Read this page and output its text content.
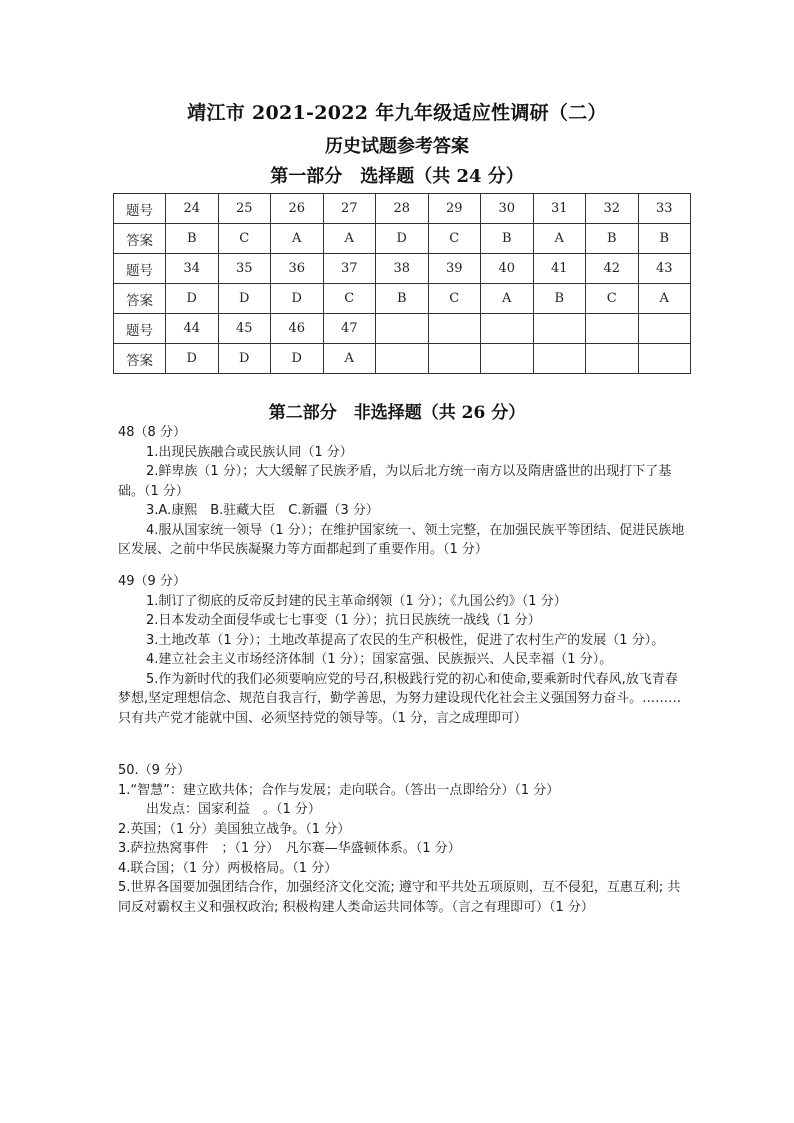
靖江市 2021-2022 年九年级适应性调研（二）
历史试题参考答案
第一部分　选择题（共 24 分）
题号	24	25	26	27	28	29	30	31	32	33
答案	B	C	A	A	D	C	B	A	B	B
题号	34	35	36	37	38	39	40	41	42	43
答案	D	D	D	C	B	C	A	B	C	A
题号	44	45	46	47						
答案	D	D	D	A						
第二部分　非选择题（共 26 分）

48（8 分）

1.出现民族融合或民族认同（1 分）

2.鲜卑族（1 分）；大大缓解了民族矛盾，为以后北方统一南方以及隋唐盛世的出现打下了基础。（1 分）

3.A.康熙　B.驻藏大臣　C.新疆（3 分）

4.服从国家统一领导（1 分）；在维护国家统一、领土完整，在加强民族平等团结、促进民族地区发展、之前中华民族凝聚力等方面都起到了重要作用。（1 分）

49（9 分）

1.制订了彻底的反帝反封建的民主革命纲领（1 分）；《九国公约》（1 分）

2.日本发动全面侵华或七七事变（1 分）；抗日民族统一战线（1 分）

3.土地改革（1 分）；土地改革提高了农民的生产积极性，促进了农村生产的发展（1 分）。

4.建立社会主义市场经济体制（1 分）；国家富强、民族振兴、人民幸福（1 分）。

5.作为新时代的我们必须要响应党的号召,积极践行党的初心和使命,要乘新时代春风,放飞青春梦想,坚定理想信念、规范自我言行，勤学善思，为努力建设现代化社会主义强国努力奋斗。………只有共产党才能就中国、必须坚持党的领导等。（1 分，言之成理即可）

50.（9 分）

1.“智慧”：建立欧共体；合作与发展；走向联合。（答出一点即给分）（1 分）

出发点：国家利益　。（1 分）

2.英国；（1 分）美国独立战争。（1 分）

3.萨拉热窝事件　；（1 分）　凡尔赛—华盛顿体系。（1 分）

4.联合国；（1 分）两极格局。（1 分）

5.世界各国要加强团结合作，加强经济文化交流; 遵守和平共处五项原则，互不侵犯，互惠互利; 共同反对霸权主义和强权政治; 积极构建人类命运共同体等。（言之有理即可）（1 分）
